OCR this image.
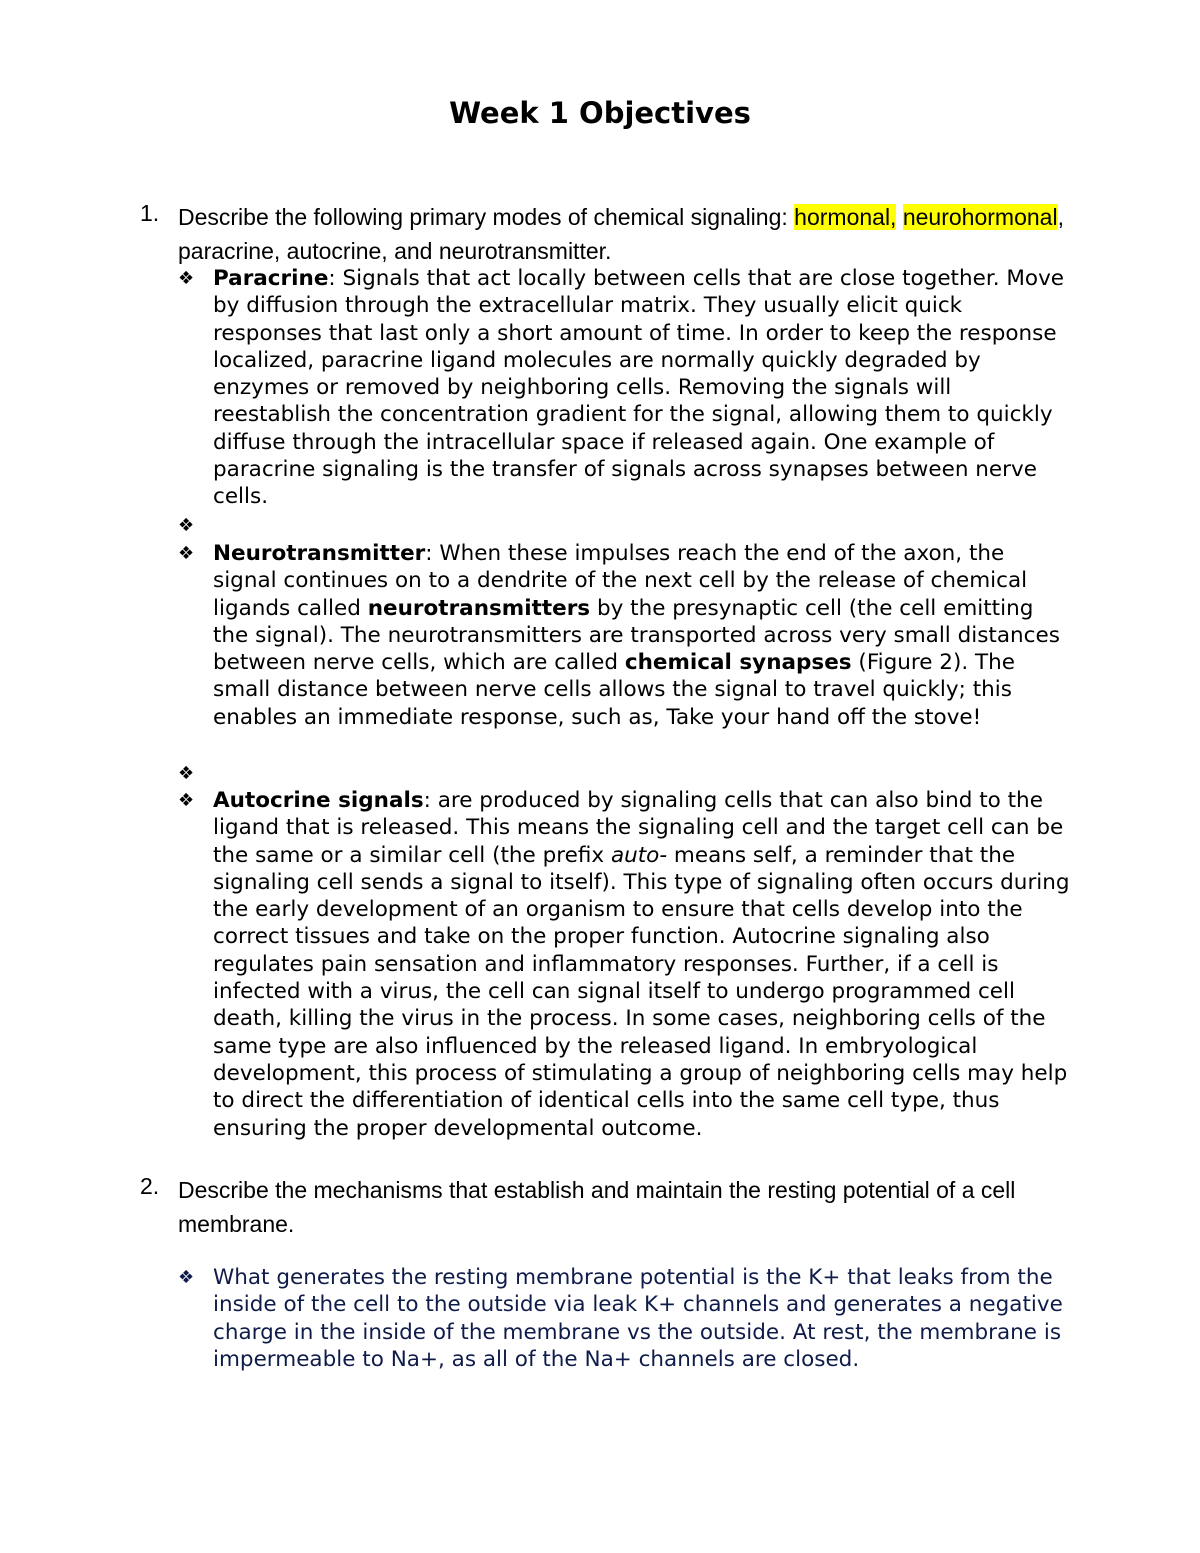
Week 1 Objectives
1. Describe the following primary modes of chemical signaling: hormonal, neurohormonal, paracrine, autocrine, and neurotransmitter.
❖ Paracrine: Signals that act locally between cells that are close together. Move by diffusion through the extracellular matrix. They usually elicit quick responses that last only a short amount of time. In order to keep the response localized, paracrine ligand molecules are normally quickly degraded by enzymes or removed by neighboring cells. Removing the signals will reestablish the concentration gradient for the signal, allowing them to quickly diffuse through the intracellular space if released again. One example of paracrine signaling is the transfer of signals across synapses between nerve cells.
❖
❖ Neurotransmitter: When these impulses reach the end of the axon, the signal continues on to a dendrite of the next cell by the release of chemical ligands called neurotransmitters by the presynaptic cell (the cell emitting the signal). The neurotransmitters are transported across very small distances between nerve cells, which are called chemical synapses (Figure 2). The small distance between nerve cells allows the signal to travel quickly; this enables an immediate response, such as, Take your hand off the stove!
❖
❖ Autocrine signals: are produced by signaling cells that can also bind to the ligand that is released. This means the signaling cell and the target cell can be the same or a similar cell (the prefix auto- means self, a reminder that the signaling cell sends a signal to itself). This type of signaling often occurs during the early development of an organism to ensure that cells develop into the correct tissues and take on the proper function. Autocrine signaling also regulates pain sensation and inflammatory responses. Further, if a cell is infected with a virus, the cell can signal itself to undergo programmed cell death, killing the virus in the process. In some cases, neighboring cells of the same type are also influenced by the released ligand. In embryological development, this process of stimulating a group of neighboring cells may help to direct the differentiation of identical cells into the same cell type, thus ensuring the proper developmental outcome.
2. Describe the mechanisms that establish and maintain the resting potential of a cell membrane.
❖ What generates the resting membrane potential is the K+ that leaks from the inside of the cell to the outside via leak K+ channels and generates a negative charge in the inside of the membrane vs the outside. At rest, the membrane is impermeable to Na+, as all of the Na+ channels are closed.
